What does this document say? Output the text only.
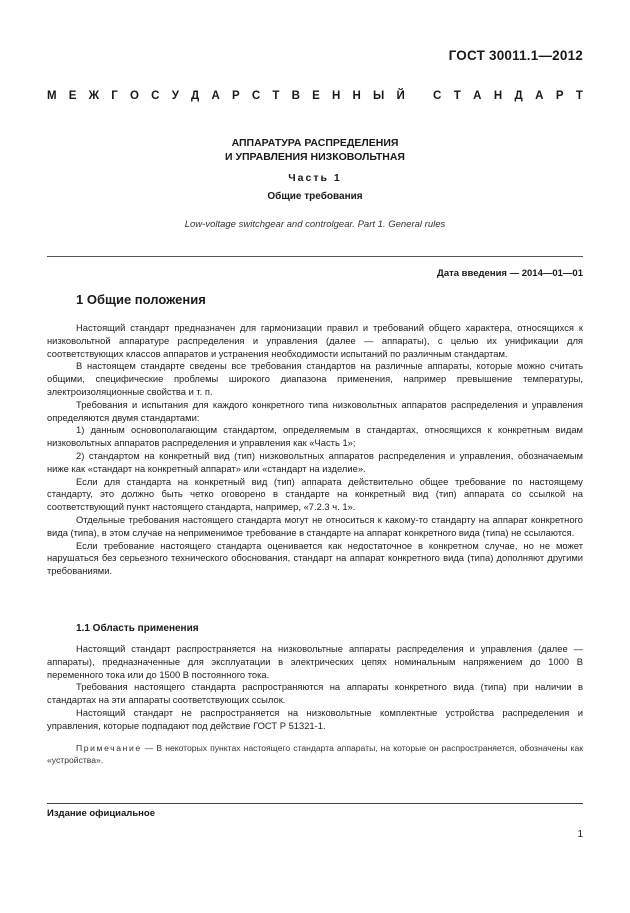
ГОСТ 30011.1—2012
М Е Ж Г О С У Д А Р С Т В Е Н Н Ы Й С Т А Н Д А Р Т
АППАРАТУРА РАСПРЕДЕЛЕНИЯ
И УПРАВЛЕНИЯ НИЗКОВОЛЬТНАЯ
Часть 1
Общие требования
Low-voltage switchgear and controlgear. Part 1. General rules
Дата введения — 2014—01—01
1 Общие положения

Настоящий стандарт предназначен для гармонизации правил и требований общего характера, относящихся к низковольтной аппаратуре распределения и управления (далее — аппараты), с целью их унификации для соответствующих классов аппаратов и устранения необходимости испытаний по различным стандартам.

В настоящем стандарте сведены все требования стандартов на различные аппараты, которые можно считать общими, специфические проблемы широкого диапазона применения, например превышение температуры, электроизоляционные свойства и т. п.

Требования и испытания для каждого конкретного типа низковольтных аппаратов распределения и управления определяются двумя стандартами:

1) данным основополагающим стандартом, определяемым в стандартах, относящихся к конкретным видам низковольтных аппаратов распределения и управления как «Часть 1»;

2) стандартом на конкретный вид (тип) низковольтных аппаратов распределения и управления, обозначаемым ниже как «стандарт на конкретный аппарат» или «стандарт на изделие».

Если для стандарта на конкретный вид (тип) аппарата действительно общее требование по настоящему стандарту, это должно быть четко оговорено в стандарте на конкретный вид (тип) аппарата со ссылкой на соответствующий пункт настоящего стандарта, например, «7.2.3 ч. 1».

Отдельные требования настоящего стандарта могут не относиться к какому-то стандарту на аппарат конкретного вида (типа), в этом случае на неприменимое требование в стандарте на аппарат конкретного вида (типа) не ссылаются.

Если требование настоящего стандарта оценивается как недостаточное в конкретном случае, но не может нарушаться без серьезного технического обоснования, стандарт на аппарат конкретного вида (типа) дополняют другими требованиями.

1.1 Область применения

Настоящий стандарт распространяется на низковольтные аппараты распределения и управления (далее — аппараты), предназначенные для эксплуатации в электрических цепях номинальным напряжением до 1000 В переменного тока или до 1500 В постоянного тока.

Требования настоящего стандарта распространяются на аппараты конкретного вида (типа) при наличии в стандартах на эти аппараты соответствующих ссылок.

Настоящий стандарт не распространяется на низковольтные комплектные устройства распределения и управления, которые подпадают под действие ГОСТ Р 51321-1.

Примечание — В некоторых пунктах настоящего стандарта аппараты, на которые он распространяется, обозначены как «устройства».
Издание официальное
1
